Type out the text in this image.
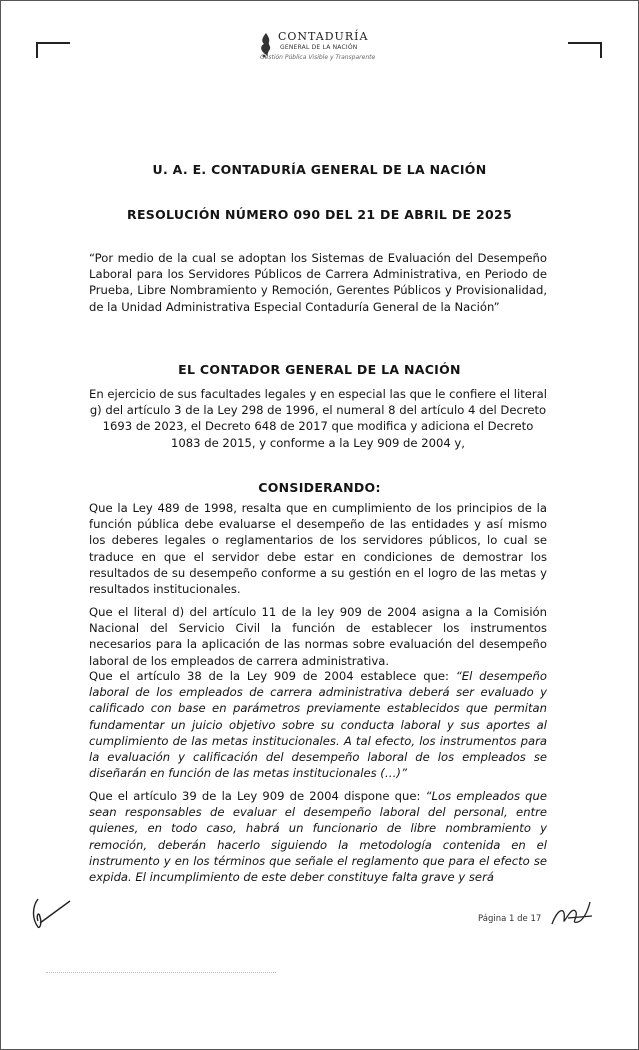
CONTADURÍA
GENERAL DE LA NACIÓN
Gestión Pública Visible y Transparente
U. A. E. CONTADURÍA GENERAL DE LA NACIÓN
RESOLUCIÓN NÚMERO 090 DEL 21 DE ABRIL DE 2025

“Por medio de la cual se adoptan los Sistemas de Evaluación del Desempeño Laboral para los Servidores Públicos de Carrera Administrativa, en Periodo de Prueba, Libre Nombramiento y Remoción, Gerentes Públicos y Provisionalidad, de la Unidad Administrativa Especial Contaduría General de la Nación”

EL CONTADOR GENERAL DE LA NACIÓN

En ejercicio de sus facultades legales y en especial las que le confiere el literal g) del artículo 3 de la Ley 298 de 1996, el numeral 8 del artículo 4 del Decreto 1693 de 2023, el Decreto 648 de 2017 que modifica y adiciona el Decreto 1083 de 2015, y conforme a la Ley 909 de 2004 y,

CONSIDERANDO:

Que la Ley 489 de 1998, resalta que en cumplimiento de los principios de la función pública debe evaluarse el desempeño de las entidades y así mismo los deberes legales o reglamentarios de los servidores públicos, lo cual se traduce en que el servidor debe estar en condiciones de demostrar los resultados de su desempeño conforme a su gestión en el logro de las metas y resultados institucionales.

Que el literal d) del artículo 11 de la ley 909 de 2004 asigna a la Comisión Nacional del Servicio Civil la función de establecer los instrumentos necesarios para la aplicación de las normas sobre evaluación del desempeño laboral de los empleados de carrera administrativa.

Que el artículo 38 de la Ley 909 de 2004 establece que: “El desempeño laboral de los empleados de carrera administrativa deberá ser evaluado y calificado con base en parámetros previamente establecidos que permitan fundamentar un juicio objetivo sobre su conducta laboral y sus aportes al cumplimiento de las metas institucionales. A tal efecto, los instrumentos para la evaluación y calificación del desempeño laboral de los empleados se diseñarán en función de las metas institucionales (…)”

Que el artículo 39 de la Ley 909 de 2004 dispone que: “Los empleados que sean responsables de evaluar el desempeño laboral del personal, entre quienes, en todo caso, habrá un funcionario de libre nombramiento y remoción, deberán hacerlo siguiendo la metodología contenida en el instrumento y en los términos que señale el reglamento que para el efecto se expida. El incumplimiento de este deber constituye falta grave y será

Página 1 de 17
